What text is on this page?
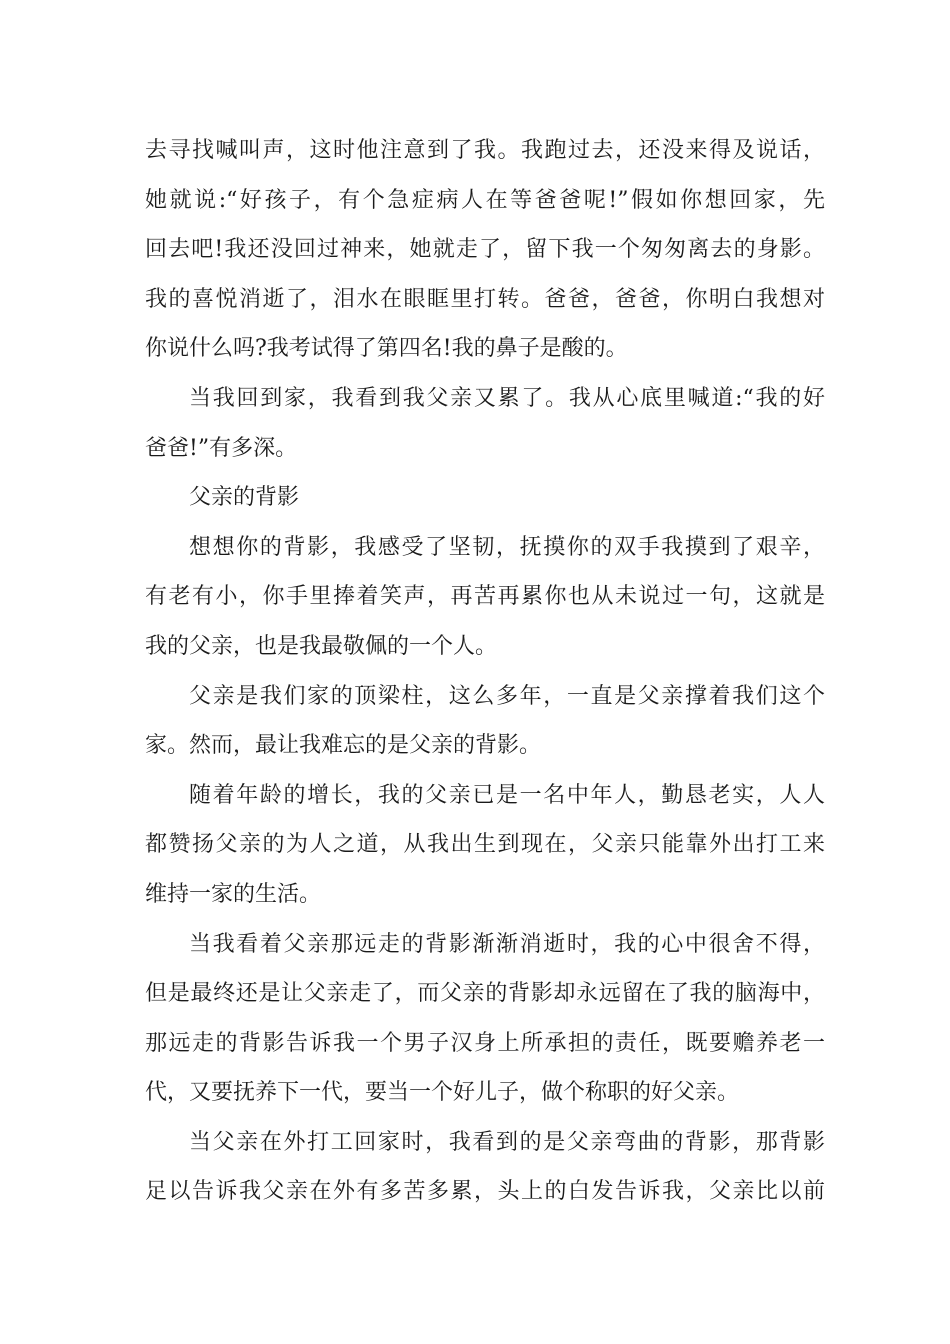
去寻找喊叫声，这时他注意到了我。我跑过去，还没来得及说话，
她就说:“好孩子，有个急症病人在等爸爸呢!”假如你想回家，先
回去吧!我还没回过神来，她就走了，留下我一个匆匆离去的身影。
我的喜悦消逝了，泪水在眼眶里打转。爸爸，爸爸，你明白我想对
你说什么吗?我考试得了第四名!我的鼻子是酸的。
当我回到家，我看到我父亲又累了。我从心底里喊道:“我的好
爸爸!”有多深。
父亲的背影
想想你的背影，我感受了坚韧，抚摸你的双手我摸到了艰辛，
有老有小，你手里捧着笑声，再苦再累你也从未说过一句，这就是
我的父亲，也是我最敬佩的一个人。
父亲是我们家的顶梁柱，这么多年，一直是父亲撑着我们这个
家。然而，最让我难忘的是父亲的背影。
随着年龄的增长，我的父亲已是一名中年人，勤恳老实，人人
都赞扬父亲的为人之道，从我出生到现在，父亲只能靠外出打工来
维持一家的生活。
当我看着父亲那远走的背影渐渐消逝时，我的心中很舍不得，
但是最终还是让父亲走了，而父亲的背影却永远留在了我的脑海中，
那远走的背影告诉我一个男子汉身上所承担的责任，既要赡养老一
代，又要抚养下一代，要当一个好儿子，做个称职的好父亲。
当父亲在外打工回家时，我看到的是父亲弯曲的背影，那背影
足以告诉我父亲在外有多苦多累，头上的白发告诉我，父亲比以前
